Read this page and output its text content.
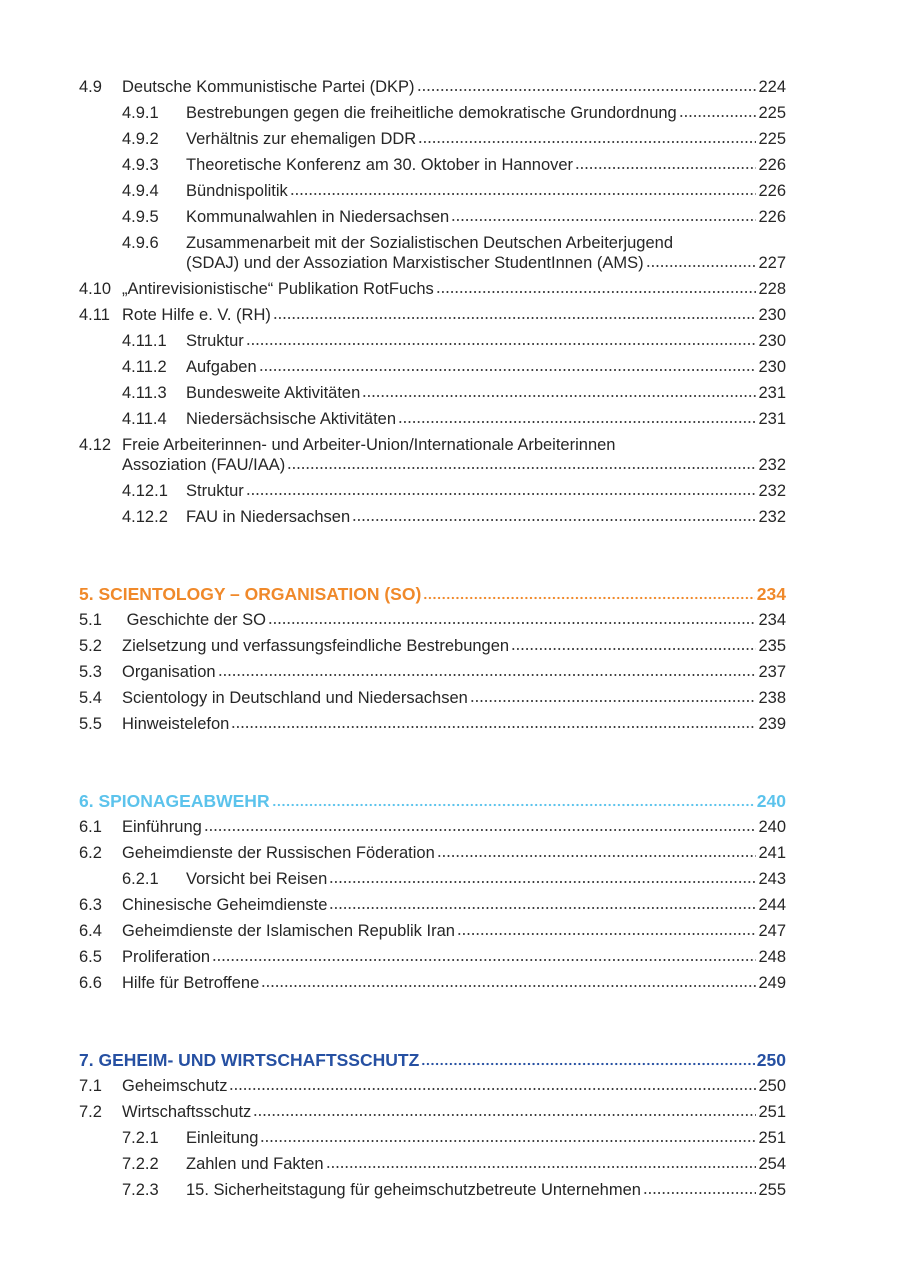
4.9	Deutsche Kommunistische Partei (DKP)	224
4.9.1	Bestrebungen gegen die freiheitliche demokratische Grundordnung	225
4.9.2	Verhältnis zur ehemaligen DDR	225
4.9.3	Theoretische Konferenz am 30. Oktober in Hannover	226
4.9.4	Bündnispolitik	226
4.9.5	Kommunalwahlen in Niedersachsen	226
4.9.6	Zusammenarbeit mit der Sozialistischen Deutschen Arbeiterjugend
(SDAJ) und der Assoziation Marxistischer StudentInnen (AMS)	227
4.10 „Antirevisionistische“ Publikation RotFuchs	228
4.11 Rote Hilfe e. V. (RH)	230
4.11.1	Struktur	230
4.11.2	Aufgaben	230
4.11.3	Bundesweite Aktivitäten	231
4.11.4	Niedersächsische Aktivitäten	231
4.12 Freie Arbeiterinnen- und Arbeiter-Union/Internationale Arbeiterinnen
Assoziation (FAU/IAA)	232
4.12.1	Struktur	232
4.12.2	FAU in Niedersachsen	232
5. SCIENTOLOGY – ORGANISATION (SO)	234
5.1	Geschichte der SO	234
5.2	Zielsetzung und verfassungsfeindliche Bestrebungen	235
5.3	Organisation	237
5.4	Scientology in Deutschland und Niedersachsen	238
5.5	Hinweistelefon	239
6. SPIONAGEABWEHR	240
6.1	Einführung	240
6.2	Geheimdienste der Russischen Föderation	241
6.2.1	Vorsicht bei Reisen	243
6.3	Chinesische Geheimdienste	244
6.4	Geheimdienste der Islamischen Republik Iran	247
6.5	Proliferation	248
6.6	Hilfe für Betroffene	249
7. GEHEIM- UND WIRTSCHAFTSSCHUTZ	250
7.1	Geheimschutz	250
7.2	Wirtschaftsschutz	251
7.2.1	Einleitung	251
7.2.2	Zahlen und Fakten	254
7.2.3	15. Sicherheitstagung für geheimschutzbetreute Unternehmen	255
